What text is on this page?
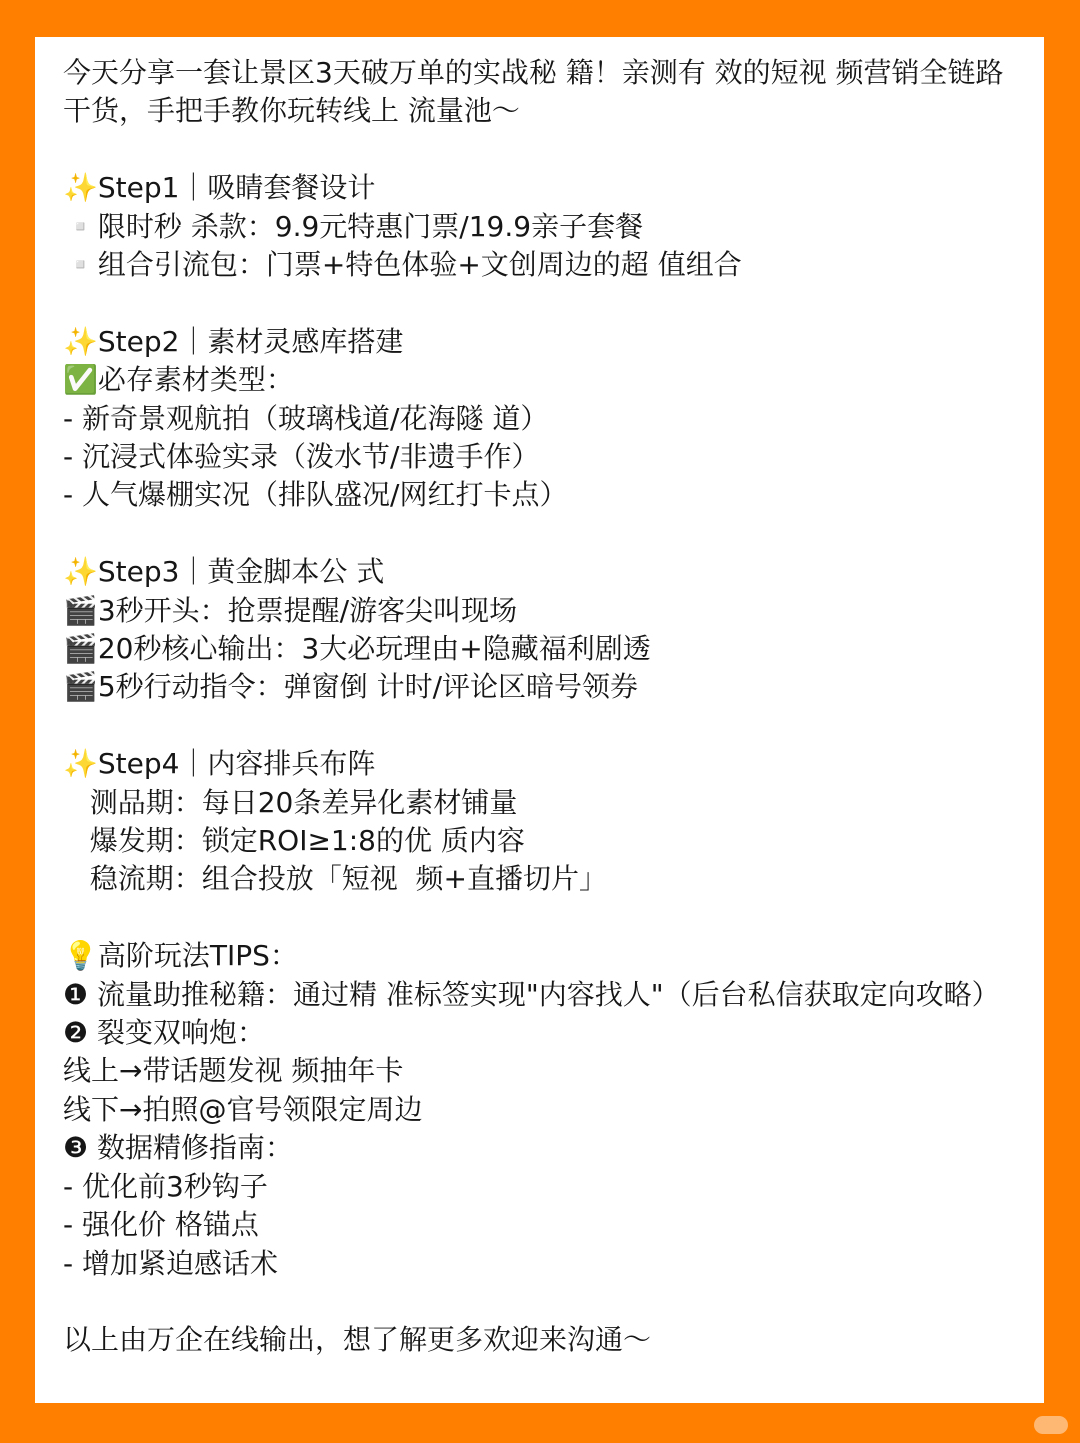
今天分享一套让景区3天破万单的实战秘 籍！亲测有 效的短视 频营销全链路干货，手把手教你玩转线上 流量池～
✨Step1｜吸睛套餐设计
▫️限时秒 杀款：9.9元特惠门票/19.9亲子套餐
▫️组合引流包：门票+特色体验+文创周边的超 值组合
✨Step2｜素材灵感库搭建
✅必存素材类型：
- 新奇景观航拍（玻璃栈道/花海隧 道）
- 沉浸式体验实录（泼水节/非遗手作）
- 人气爆棚实况（排队盛况/网红打卡点）
✨Step3｜黄金脚本公 式
🎬3秒开头：抢票提醒/游客尖叫现场
🎬20秒核心输出：3大必玩理由+隐藏福利剧透
🎬5秒行动指令：弹窗倒 计时/评论区暗号领券
✨Step4｜内容排兵布阵
测品期：每日20条差异化素材铺量
爆发期：锁定ROI≥1:8的优 质内容
稳流期：组合投放「短视  频+直播切片」
💡高阶玩法TIPS：
❶ 流量助推秘籍：通过精 准标签实现"内容找人"（后台私信获取定向攻略）
❷ 裂变双响炮：
线上→带话题发视 频抽年卡
线下→拍照@官号领限定周边
❸ 数据精修指南：
- 优化前3秒钩子
- 强化价 格锚点
- 增加紧迫感话术
以上由万企在线输出，想了解更多欢迎来沟通～
